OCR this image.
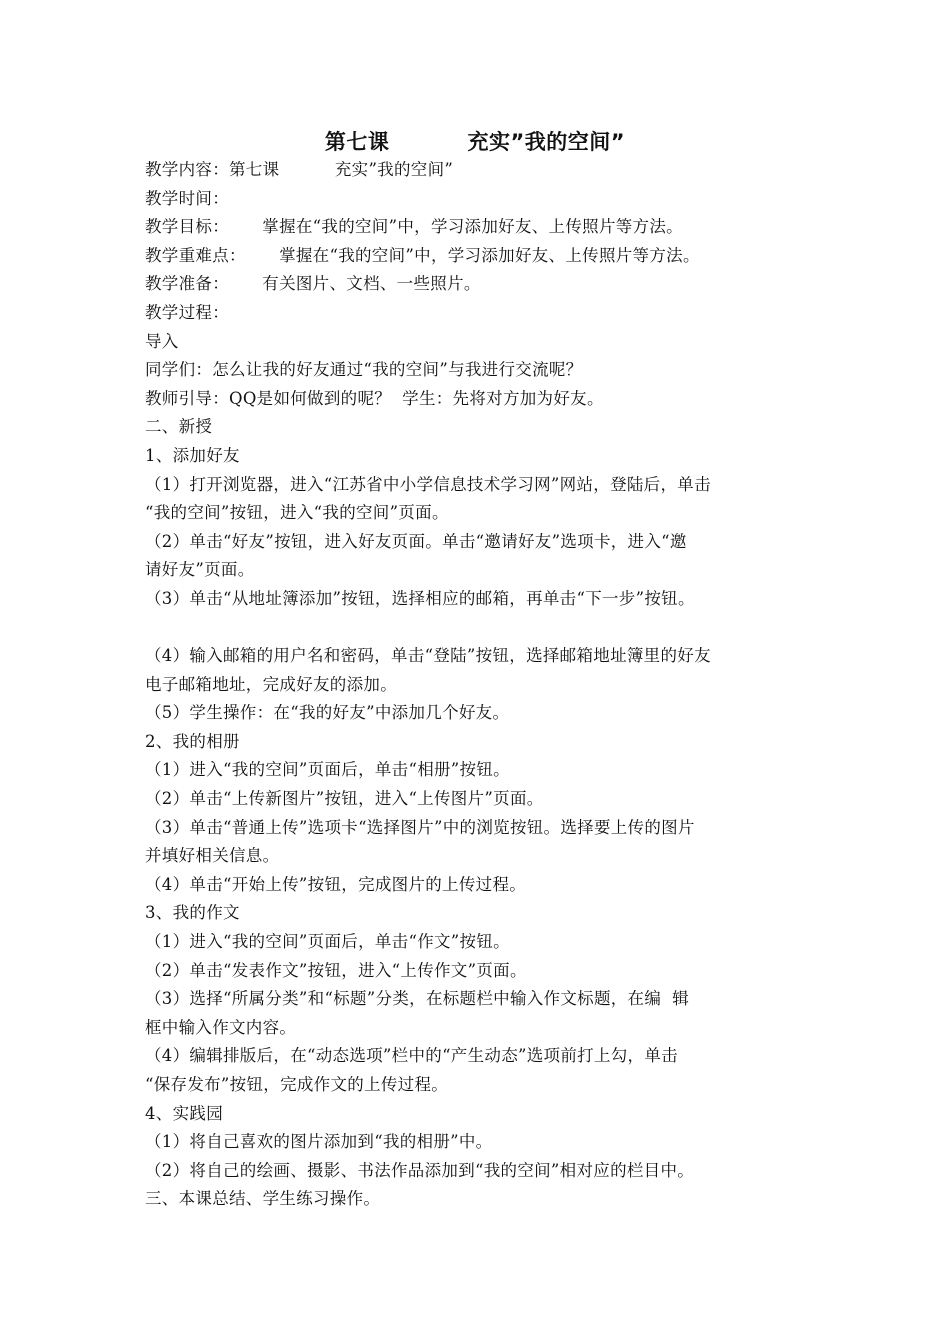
第七课          充实”我的空间”
教学内容：第七课          充实”我的空间”
教学时间：
教学目标：      掌握在“我的空间”中，学习添加好友、上传照片等方法。
教学重难点：      掌握在“我的空间”中，学习添加好友、上传照片等方法。
教学准备：      有关图片、文档、一些照片。
教学过程：
导入
同学们：怎么让我的好友通过“我的空间”与我进行交流呢？
教师引导：QQ是如何做到的呢？  学生：先将对方加为好友。
二、新授
1、添加好友
（1）打开浏览器，进入“江苏省中小学信息技术学习网”网站，登陆后，单击
“我的空间”按钮，进入“我的空间”页面。
（2）单击“好友”按钮，进入好友页面。单击“邀请好友”选项卡，进入“邀
请好友”页面。
（3）单击“从地址簿添加”按钮，选择相应的邮箱，再单击“下一步”按钮。
（4）输入邮箱的用户名和密码，单击“登陆”按钮，选择邮箱地址簿里的好友
电子邮箱地址，完成好友的添加。
（5）学生操作：在“我的好友”中添加几个好友。
2、我的相册
（1）进入“我的空间”页面后，单击“相册”按钮。
（2）单击“上传新图片”按钮，进入“上传图片”页面。
（3）单击“普通上传”选项卡“选择图片”中的浏览按钮。选择要上传的图片
并填好相关信息。
（4）单击“开始上传”按钮，完成图片的上传过程。
3、我的作文
（1）进入“我的空间”页面后，单击“作文”按钮。
（2）单击“发表作文”按钮，进入“上传作文”页面。
（3）选择“所属分类”和“标题”分类，在标题栏中输入作文标题，在编  辑
框中输入作文内容。
（4）编辑排版后，在“动态选项”栏中的“产生动态”选项前打上勾，单击
“保存发布”按钮，完成作文的上传过程。
4、实践园
（1）将自己喜欢的图片添加到“我的相册”中。
（2）将自己的绘画、摄影、书法作品添加到“我的空间”相对应的栏目中。
三、本课总结、学生练习操作。
